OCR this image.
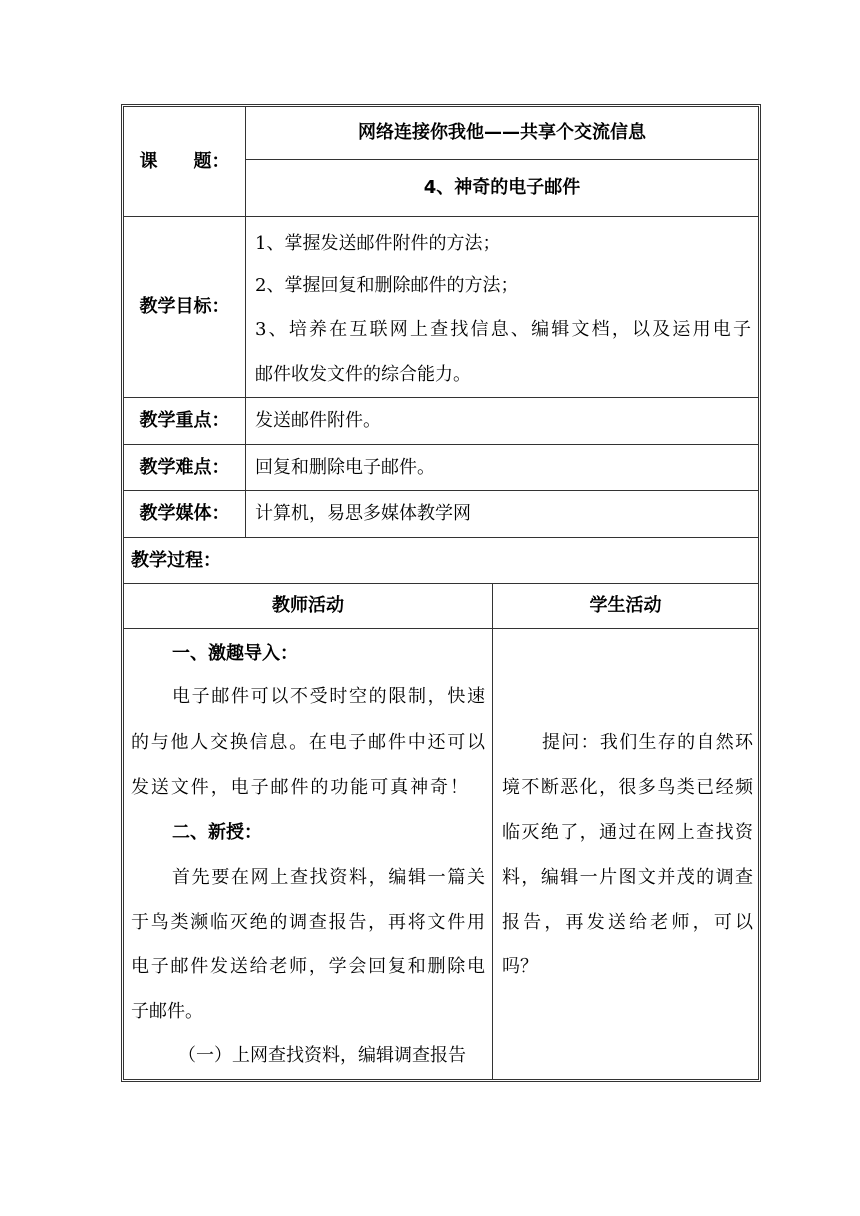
课　　题：
网络连接你我他——共享个交流信息
4、神奇的电子邮件
教学目标：
1、掌握发送邮件附件的方法；
2、掌握回复和删除邮件的方法；
3、培养在互联网上查找信息、编辑文档，以及运用电子
邮件收发文件的综合能力。
教学重点：	发送邮件附件。
教学难点：	回复和删除电子邮件。
教学媒体：	计算机，易思多媒体教学网
教学过程：
教师活动	学生活动
一、激趣导入：
电子邮件可以不受时空的限制，快速
的与他人交换信息。在电子邮件中还可以
发送文件，电子邮件的功能可真神奇！
二、新授：
首先要在网上查找资料，编辑一篇关
于鸟类濒临灭绝的调查报告，再将文件用
电子邮件发送给老师，学会回复和删除电
子邮件。
（一）上网查找资料，编辑调查报告
提问：我们生存的自然环
境不断恶化，很多鸟类已经频
临灭绝了，通过在网上查找资
料，编辑一片图文并茂的调查
报告，再发送给老师，可以
吗？
